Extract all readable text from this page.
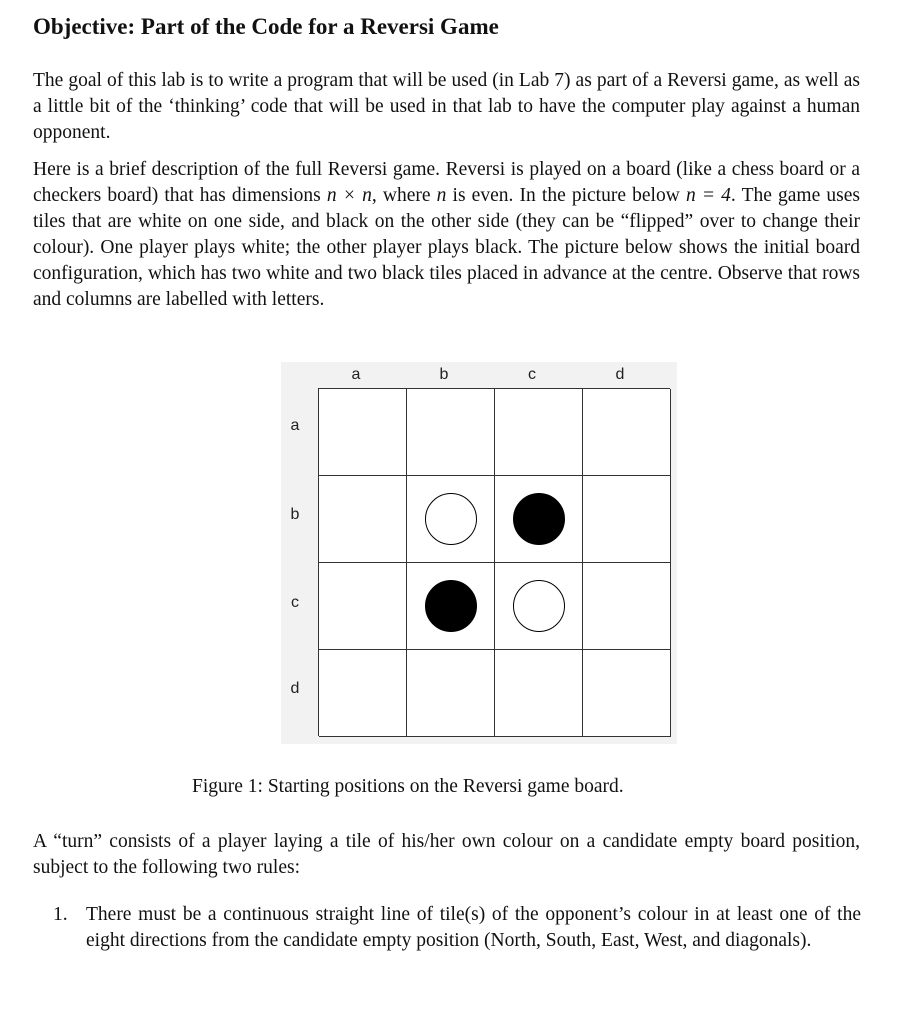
Objective: Part of the Code for a Reversi Game

The goal of this lab is to write a program that will be used (in Lab 7) as part of a Reversi game, as well as a little bit of the ‘thinking’ code that will be used in that lab to have the computer play against a human opponent.

Here is a brief description of the full Reversi game. Reversi is played on a board (like a chess board or a checkers board) that has dimensions n × n, where n is even. In the picture below n = 4. The game uses tiles that are white on one side, and black on the other side (they can be “flipped” over to change their colour). One player plays white; the other player plays black. The picture below shows the initial board configuration, which has two white and two black tiles placed in advance at the centre. Observe that rows and columns are labelled with letters.

a	b	c	d
a
b
c
d

Figure 1: Starting positions on the Reversi game board.

A “turn” consists of a player laying a tile of his/her own colour on a candidate empty board position, subject to the following two rules:

1. There must be a continuous straight line of tile(s) of the opponent’s colour in at least one of the eight directions from the candidate empty position (North, South, East, West, and diagonals).
